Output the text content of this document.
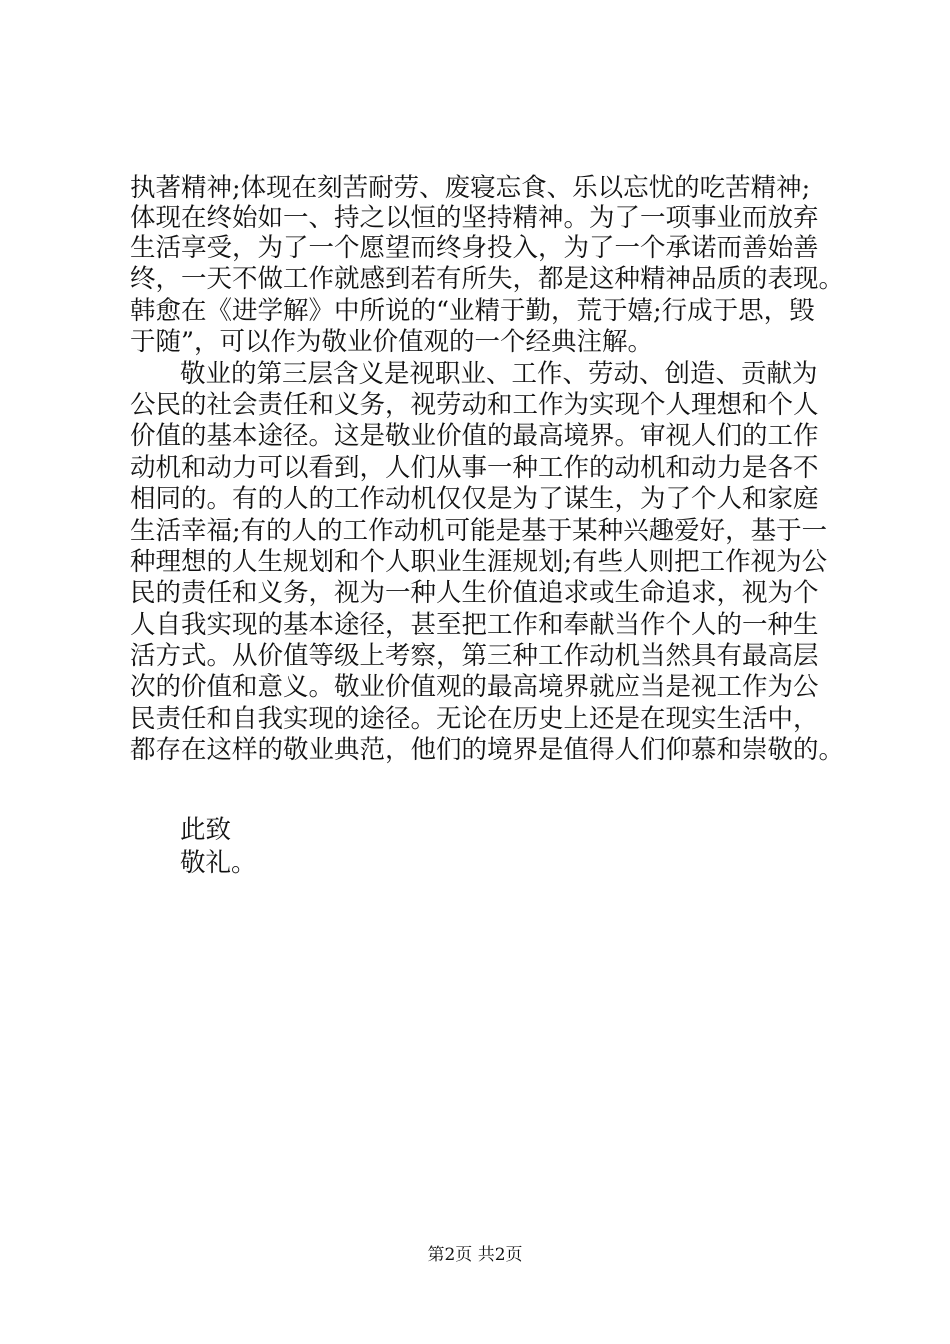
执著精神;体现在刻苦耐劳、废寝忘食、乐以忘忧的吃苦精神;
体现在终始如一、持之以恒的坚持精神。为了一项事业而放弃
生活享受，为了一个愿望而终身投入，为了一个承诺而善始善
终，一天不做工作就感到若有所失，都是这种精神品质的表现。
韩愈在《进学解》中所说的“业精于勤，荒于嬉;行成于思，毁
于随”，可以作为敬业价值观的一个经典注解。
敬业的第三层含义是视职业、工作、劳动、创造、贡献为
公民的社会责任和义务，视劳动和工作为实现个人理想和个人
价值的基本途径。这是敬业价值的最高境界。审视人们的工作
动机和动力可以看到，人们从事一种工作的动机和动力是各不
相同的。有的人的工作动机仅仅是为了谋生，为了个人和家庭
生活幸福;有的人的工作动机可能是基于某种兴趣爱好，基于一
种理想的人生规划和个人职业生涯规划;有些人则把工作视为公
民的责任和义务，视为一种人生价值追求或生命追求，视为个
人自我实现的基本途径，甚至把工作和奉献当作个人的一种生
活方式。从价值等级上考察，第三种工作动机当然具有最高层
次的价值和意义。敬业价值观的最高境界就应当是视工作为公
民责任和自我实现的途径。无论在历史上还是在现实生活中，
都存在这样的敬业典范，他们的境界是值得人们仰慕和崇敬的。
此致
敬礼。
第2页 共2页
